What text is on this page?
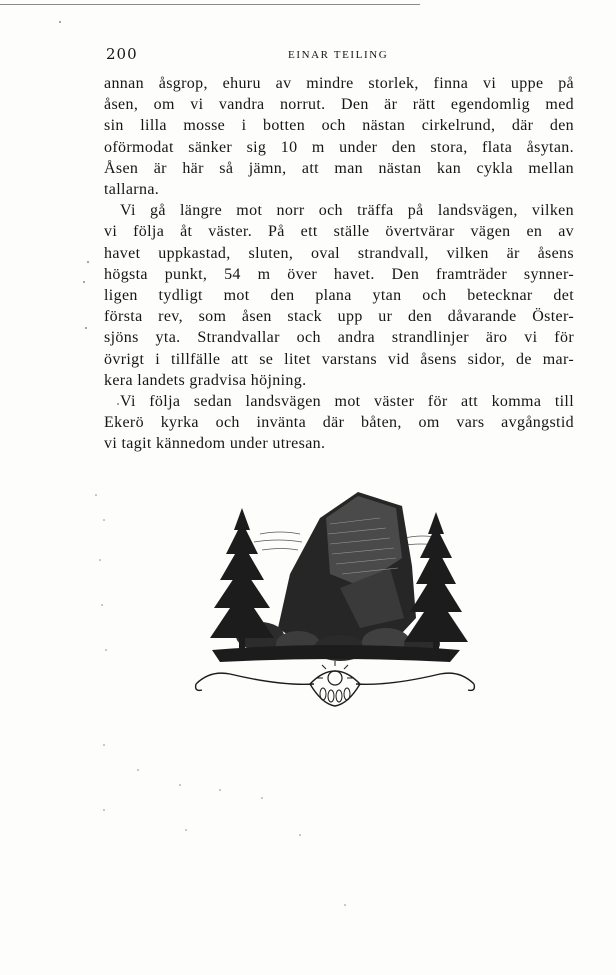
200	EINAR TEILING

annan åsgrop, ehuru av mindre storlek, finna vi uppe på
åsen, om vi vandra norrut. Den är rätt egendomlig med
sin lilla mosse i botten och nästan cirkelrund, där den
oförmodat sänker sig 10 m under den stora, flata åsytan.
Åsen är här så jämn, att man nästan kan cykla mellan
tallarna.

Vi gå längre mot norr och träffa på landsvägen, vilken
vi följa åt väster. På ett ställe övertvärar vägen en av
havet uppkastad, sluten, oval strandvall, vilken är åsens
högsta punkt, 54 m över havet. Den framträder synner-
ligen tydligt mot den plana ytan och betecknar det
första rev, som åsen stack upp ur den dåvarande Öster-
sjöns yta. Strandvallar och andra strandlinjer äro vi för
övrigt i tillfälle att se litet varstans vid åsens sidor, de mar-
kera landets gradvisa höjning.

Vi följa sedan landsvägen mot väster för att komma till
Ekerö kyrka och invänta där båten, om vars avgångstid
vi tagit kännedom under utresan.
